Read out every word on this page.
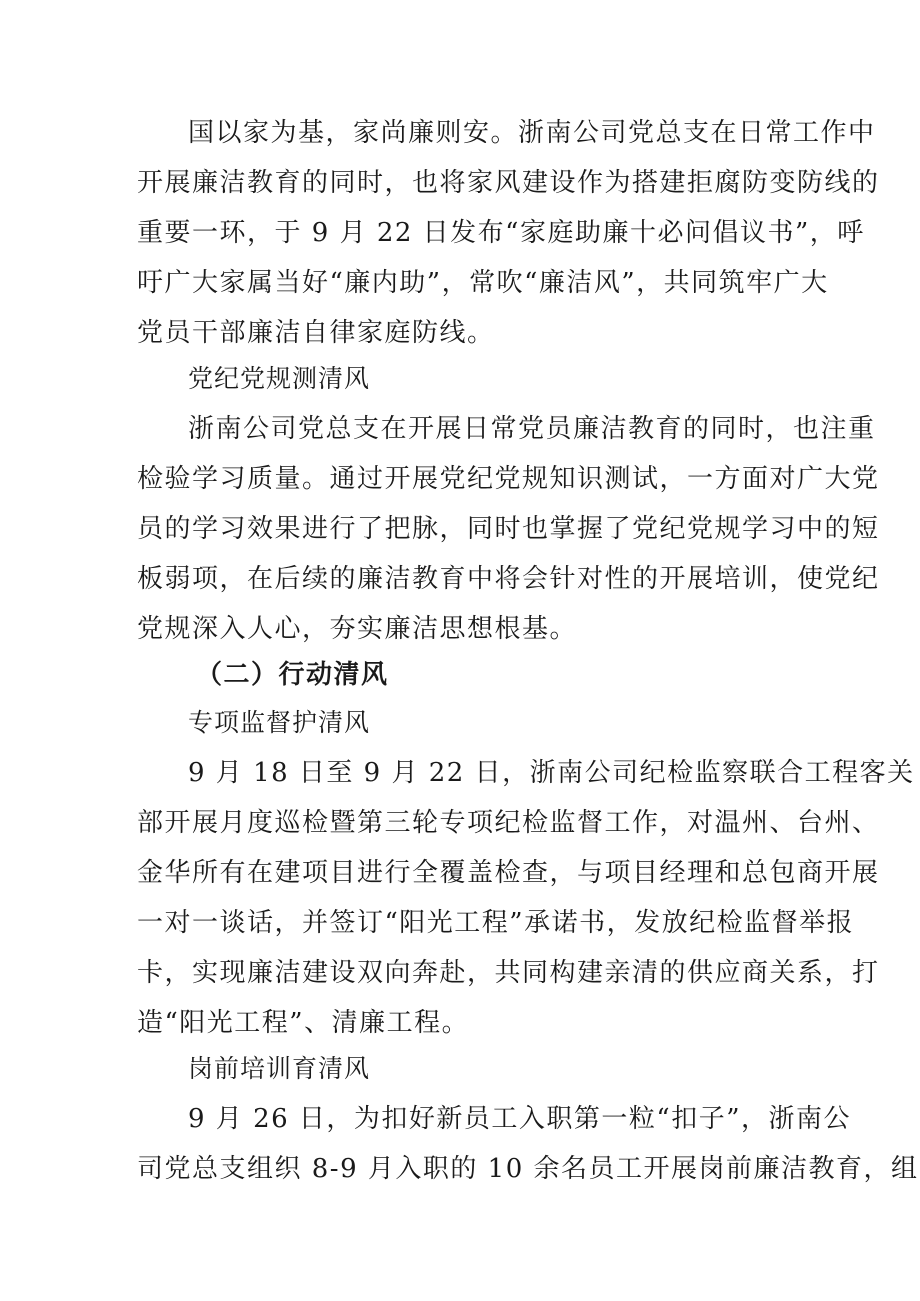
国以家为基，家尚廉则安。浙南公司党总支在日常工作中
开展廉洁教育的同时，也将家风建设作为搭建拒腐防变防线的
重要一环，于 9 月 22 日发布“家庭助廉十必问倡议书”，呼
吁广大家属当好“廉内助”，常吹“廉洁风”，共同筑牢广大
党员干部廉洁自律家庭防线。
党纪党规测清风
浙南公司党总支在开展日常党员廉洁教育的同时，也注重
检验学习质量。通过开展党纪党规知识测试，一方面对广大党
员的学习效果进行了把脉，同时也掌握了党纪党规学习中的短
板弱项，在后续的廉洁教育中将会针对性的开展培训，使党纪
党规深入人心，夯实廉洁思想根基。
（二）行动清风
专项监督护清风
9 月 18 日至 9 月 22 日，浙南公司纪检监察联合工程客关
部开展月度巡检暨第三轮专项纪检监督工作，对温州、台州、
金华所有在建项目进行全覆盖检查，与项目经理和总包商开展
一对一谈话，并签订“阳光工程”承诺书，发放纪检监督举报
卡，实现廉洁建设双向奔赴，共同构建亲清的供应商关系，打
造“阳光工程”、清廉工程。
岗前培训育清风
9 月 26 日，为扣好新员工入职第一粒“扣子”，浙南公
司党总支组织 8-9 月入职的 10 余名员工开展岗前廉洁教育，组
